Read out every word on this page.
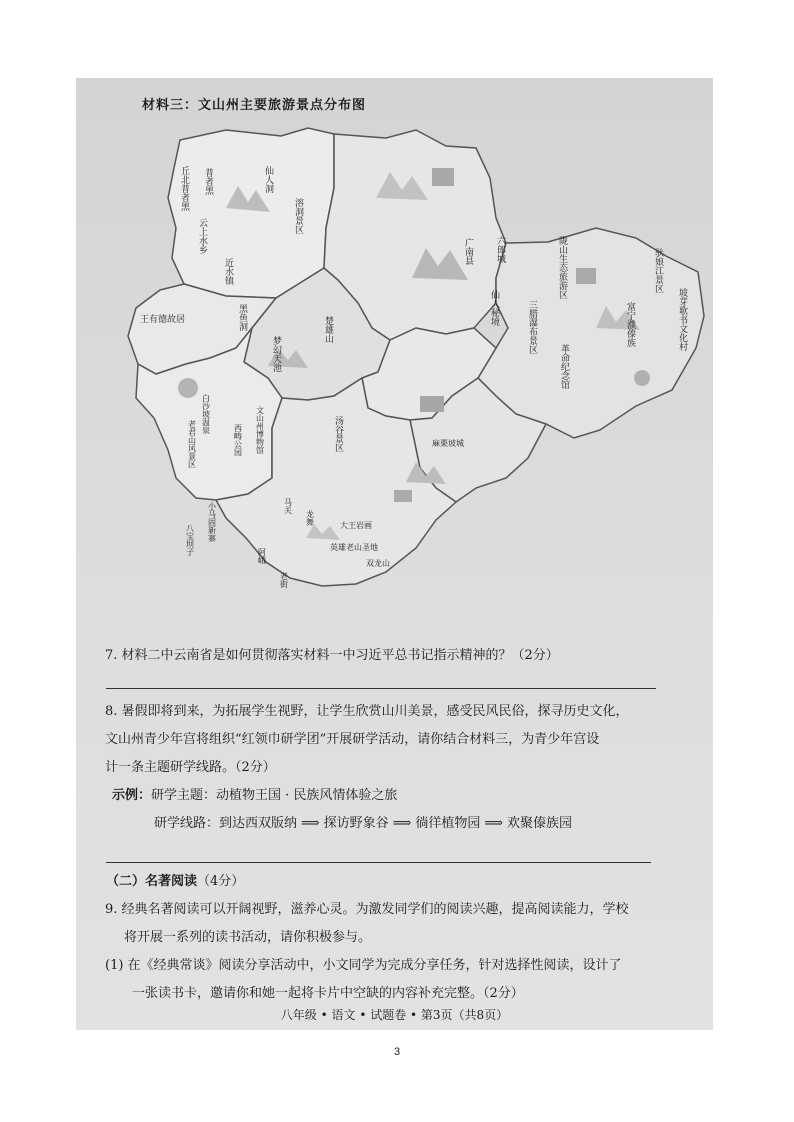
材料三：文山州主要旅游景点分布图
丘北普者黑 普者黑	仙人洞
溶洞景区
云上水乡
近水镇
王有德故居	黑鱼洞
梦幻天池
楚雄山
广南县 六郎城
仙人秘境	三腊瀑布景区
陇山生态旅游区
革命纪念馆
驮娘江景区
坡芽歌书文化村
富宁濮傣族
文山州博物馆
西畴公园	汤谷景区	麻栗坡城
白沙坡温泉
老君山风景区
小马固新寨
八宝坝子
马关
龙舞
阿峨
老街
大王岩画
英雄老山圣地
双龙山
7. 材料二中云南省是如何贯彻落实材料一中习近平总书记指示精神的？（2分）
8. 暑假即将到来，为拓展学生视野，让学生欣赏山川美景，感受民风民俗，探寻历史文化，
文山州青少年宫将组织“红领巾研学团”开展研学活动，请你结合材料三，为青少年宫设
计一条主题研学线路。（2分）
示例：研学主题：动植物王国 · 民族风情体验之旅
研学线路：到达西双版纳 ⟹ 探访野象谷 ⟹ 徜徉植物园 ⟹ 欢聚傣族园
（二）名著阅读（4分）
9. 经典名著阅读可以开阔视野，滋养心灵。为激发同学们的阅读兴趣，提高阅读能力，学校
将开展一系列的读书活动，请你积极参与。
(1) 在《经典常谈》阅读分享活动中，小文同学为完成分享任务，针对选择性阅读，设计了
一张读书卡，邀请你和她一起将卡片中空缺的内容补充完整。（2分）
八年级 • 语文 • 试题卷 • 第3页（共8页）
3
